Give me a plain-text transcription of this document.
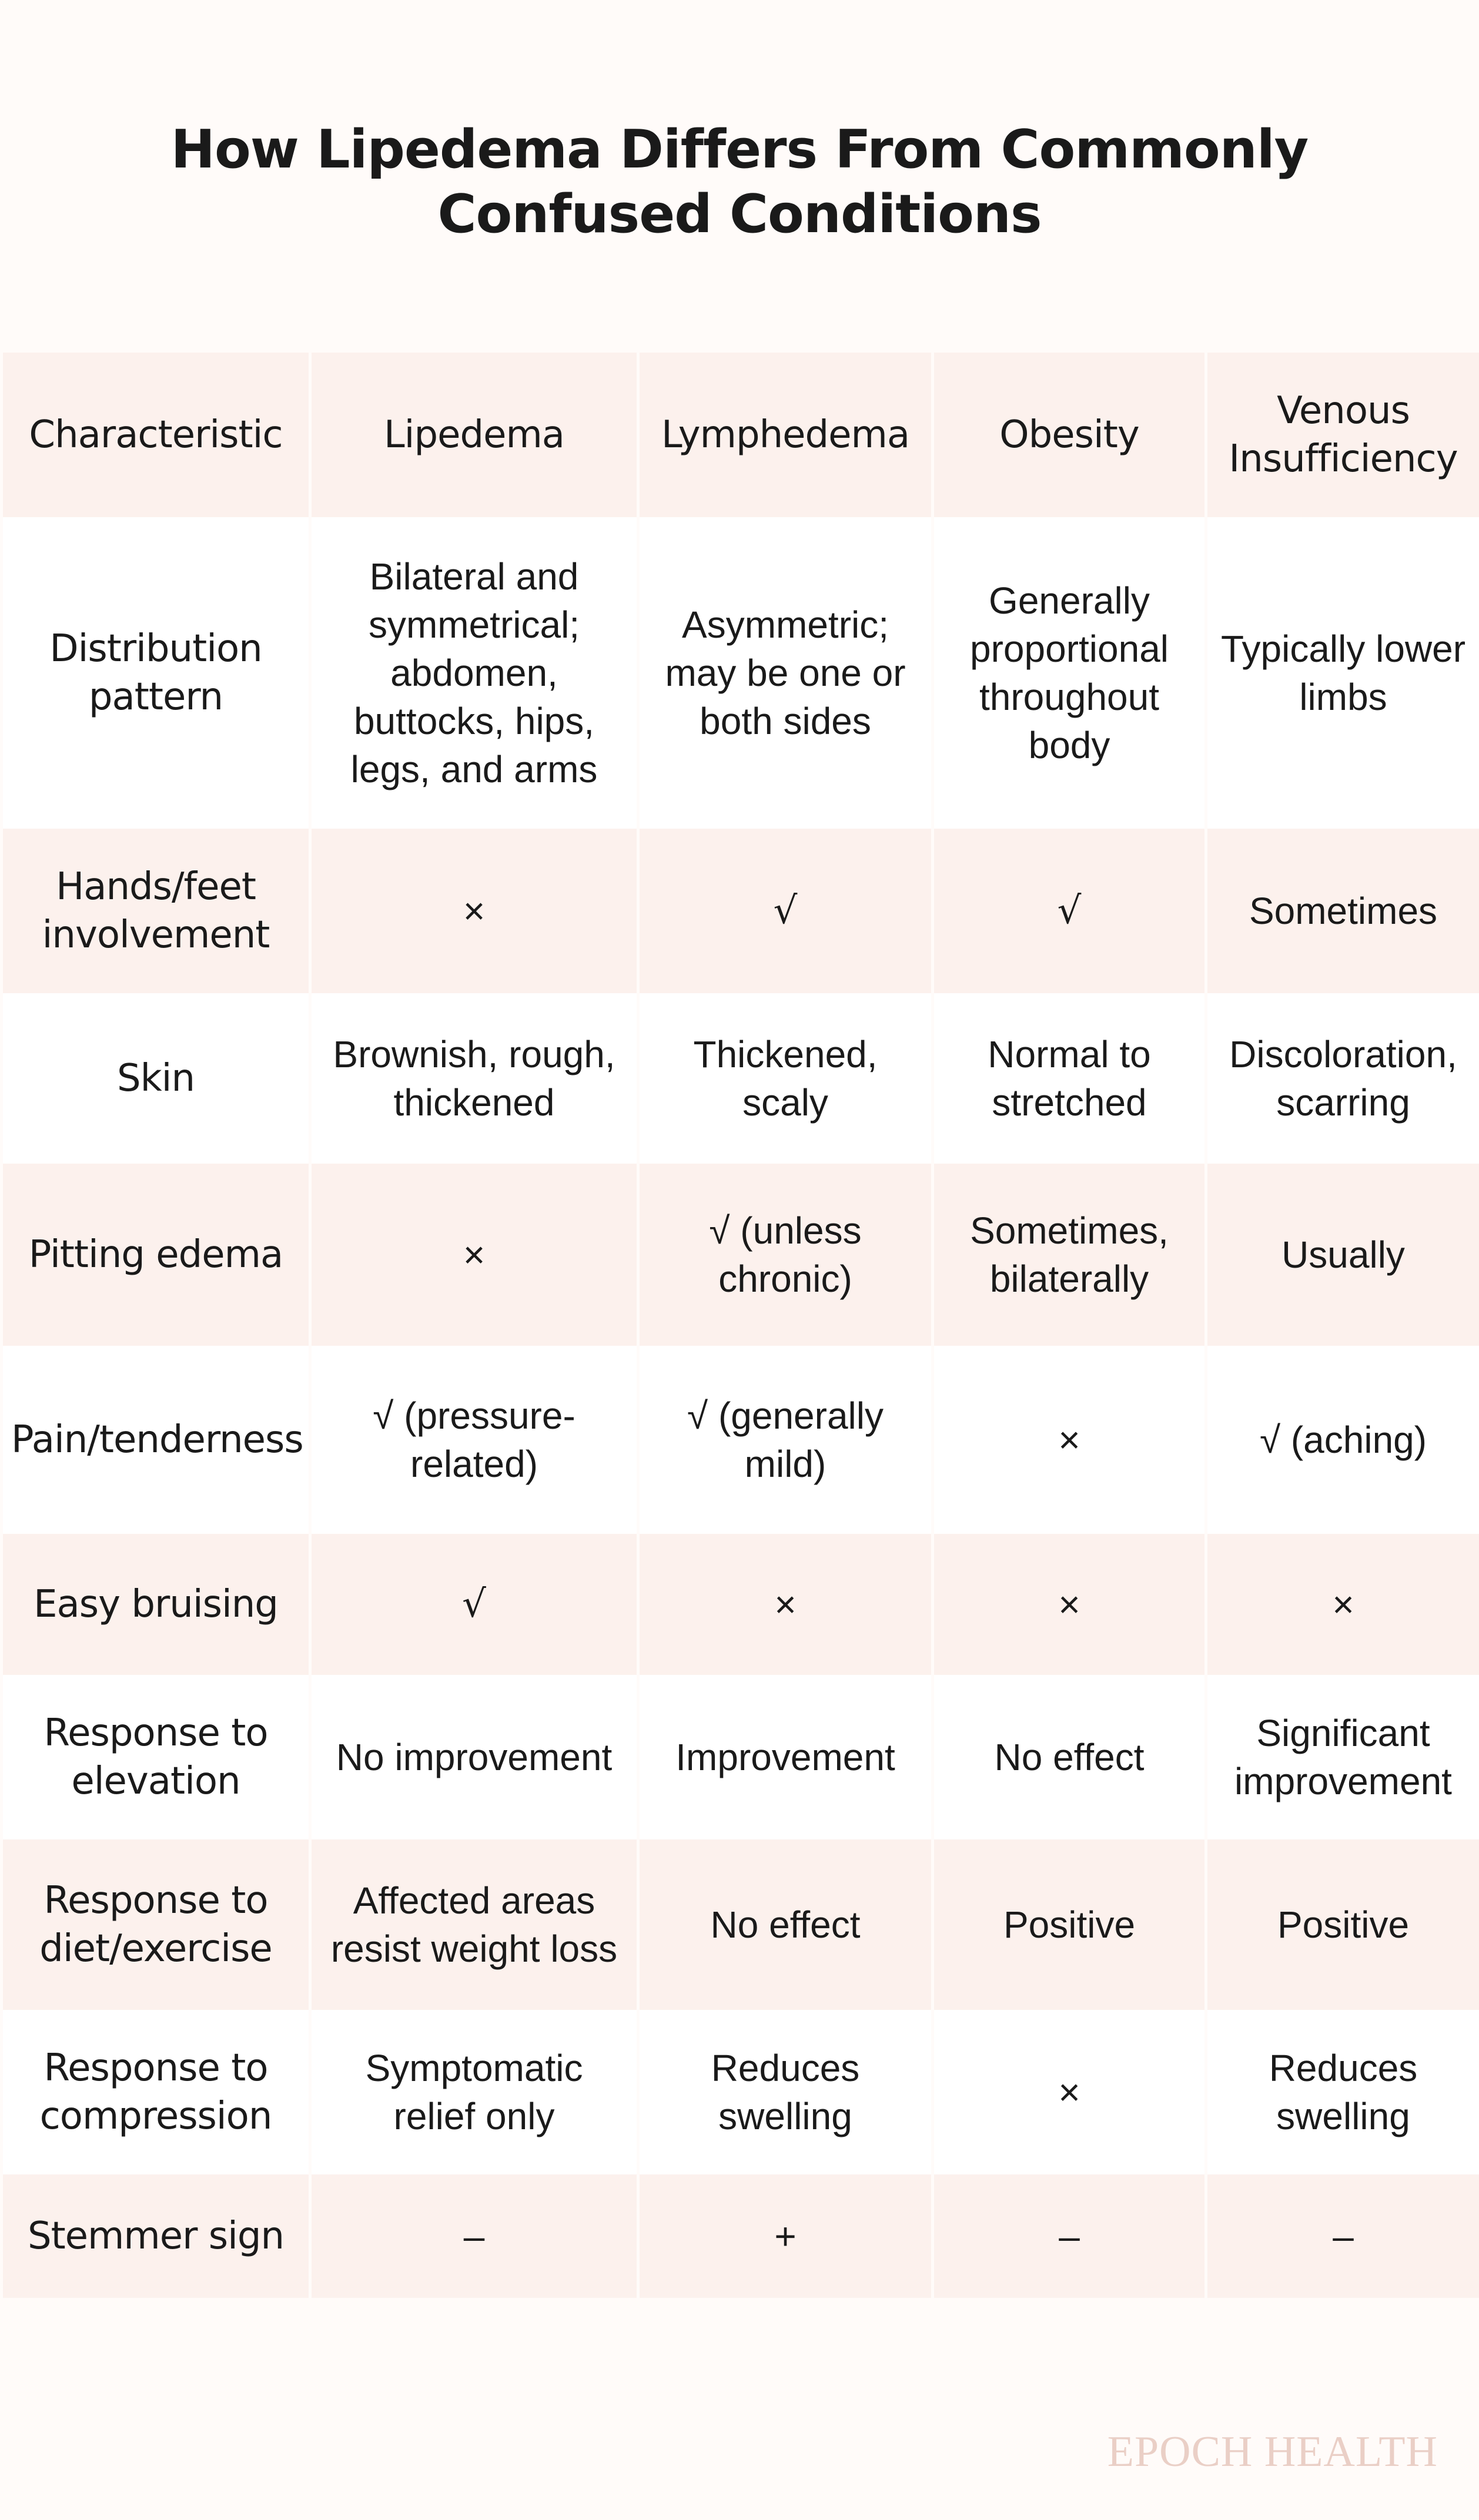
How Lipedema Differs From Commonly
Confused Conditions
Characteristic	Lipedema	Lymphedema	Obesity	Venous Insufficiency
Distribution pattern	Bilateral and symmetrical; abdomen, buttocks, hips, legs, and arms	Asymmetric; may be one or both sides	Generally proportional throughout body	Typically lower limbs
Hands/feet involvement	×	√	√	Sometimes
Skin	Brownish, rough, thickened	Thickened, scaly	Normal to stretched	Discoloration, scarring
Pitting edema	×	√ (unless chronic)	Sometimes, bilaterally	Usually
Pain/tenderness	√ (pressure-related)	√ (generally mild)	×	√ (aching)
Easy bruising	√	×	×	×
Response to elevation	No improvement	Improvement	No effect	Significant improvement
Response to diet/exercise	Affected areas resist weight loss	No effect	Positive	Positive
Response to compression	Symptomatic relief only	Reduces swelling	×	Reduces swelling
Stemmer sign	–	+	–	–
EPOCH HEALTH
